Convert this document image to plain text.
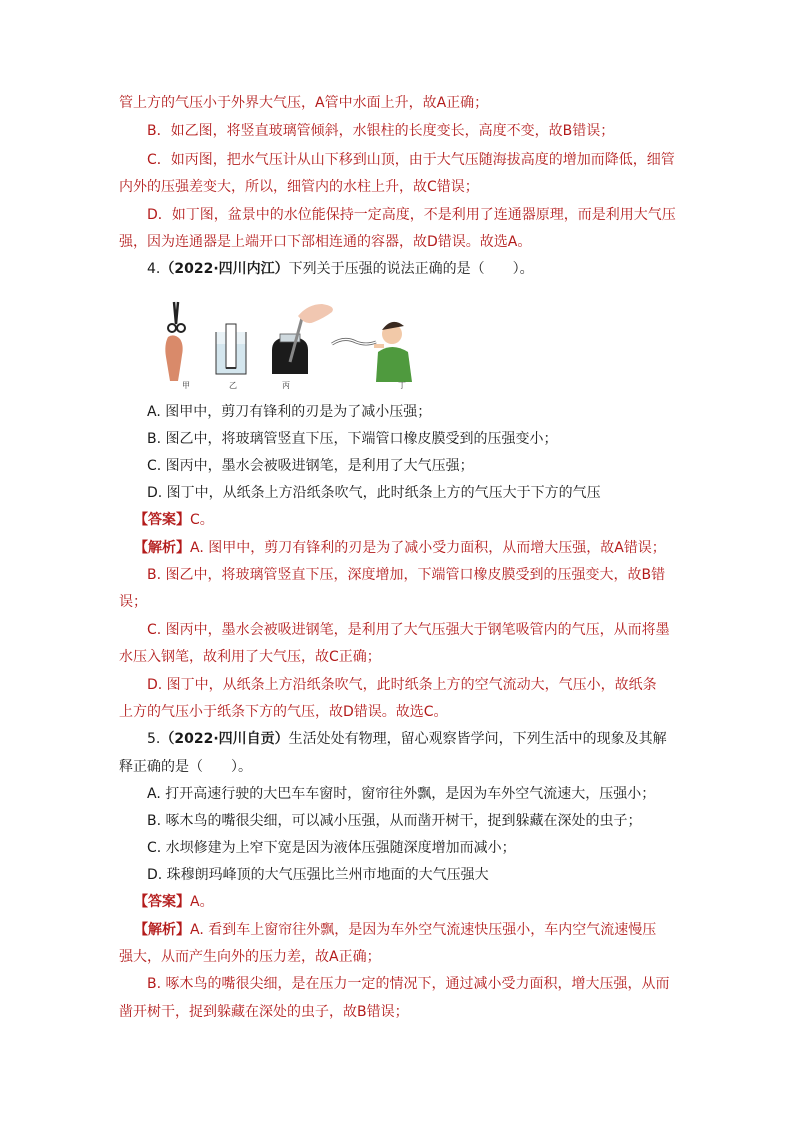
管上方的气压小于外界大气压，A管中水面上升，故A正确；
B．如乙图，将竖直玻璃管倾斜，水银柱的长度变长，高度不变，故B错误；
C．如丙图，把水气压计从山下移到山顶，由于大气压随海拔高度的增加而降低，细管
内外的压强差变大，所以，细管内的水柱上升，故C错误；
D．如丁图，盆景中的水位能保持一定高度，不是利用了连通器原理，而是利用大气压
强，因为连通器是上端开口下部相连通的容器，故D错误。故选A。
4.（2022·四川内江）下列关于压强的说法正确的是（　　）。
甲	乙	丙	丁
A. 图甲中，剪刀有锋利的刃是为了减小压强；
B. 图乙中，将玻璃管竖直下压，下端管口橡皮膜受到的压强变小；
C. 图丙中，墨水会被吸进钢笔，是利用了大气压强；
D. 图丁中，从纸条上方沿纸条吹气，此时纸条上方的气压大于下方的气压
【答案】C。
【解析】A. 图甲中，剪刀有锋利的刃是为了减小受力面积，从而增大压强，故A错误；
B. 图乙中，将玻璃管竖直下压，深度增加，下端管口橡皮膜受到的压强变大，故B错
误；
C. 图丙中，墨水会被吸进钢笔，是利用了大气压强大于钢笔吸管内的气压，从而将墨
水压入钢笔，故利用了大气压，故C正确；
D. 图丁中，从纸条上方沿纸条吹气，此时纸条上方的空气流动大，气压小，故纸条
上方的气压小于纸条下方的气压，故D错误。故选C。
5.（2022·四川自贡）生活处处有物理，留心观察皆学问，下列生活中的现象及其解
释正确的是（　　）。
A. 打开高速行驶的大巴车车窗时，窗帘往外飘，是因为车外空气流速大，压强小；
B. 啄木鸟的嘴很尖细，可以减小压强，从而凿开树干，捉到躲藏在深处的虫子；
C. 水坝修建为上窄下宽是因为液体压强随深度增加而减小；
D. 珠穆朗玛峰顶的大气压强比兰州市地面的大气压强大
【答案】A。
【解析】A. 看到车上窗帘往外飘，是因为车外空气流速快压强小，车内空气流速慢压
强大，从而产生向外的压力差，故A正确；
B. 啄木鸟的嘴很尖细，是在压力一定的情况下，通过减小受力面积，增大压强，从而
凿开树干，捉到躲藏在深处的虫子，故B错误；
